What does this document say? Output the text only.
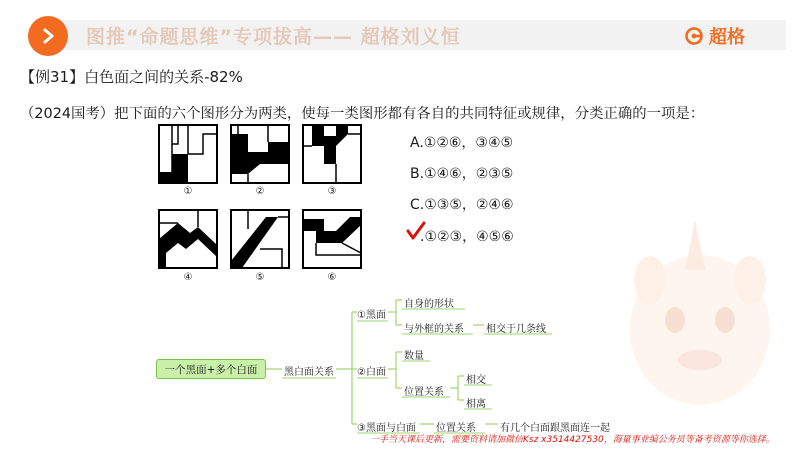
图推“命题思维”专项拔高—— 超格刘义恒	超格
【例31】白色面之间的关系-82%
（2024国考）把下面的六个图形分为两类，使每一类图形都有各自的共同特征或规律，分类正确的一项是：
①	②	③
④	⑤	⑥
A.①②⑥，③④⑤
B.①④⑥，②③⑤
C.①③⑤，②④⑥
.①②③，④⑤⑥
一个黑面+多个白面	黑白面关系
①黑面
自身的形状
与外框的关系 相交于几条线
②白面
数量
位置关系
相交
相离
③黑面与白面 位置关系 有几个白面跟黑面连一起
一手当天课后更新，需要资料请加微信Ksz x3514427530，海量事业编公务员等备考资源等你选择。
